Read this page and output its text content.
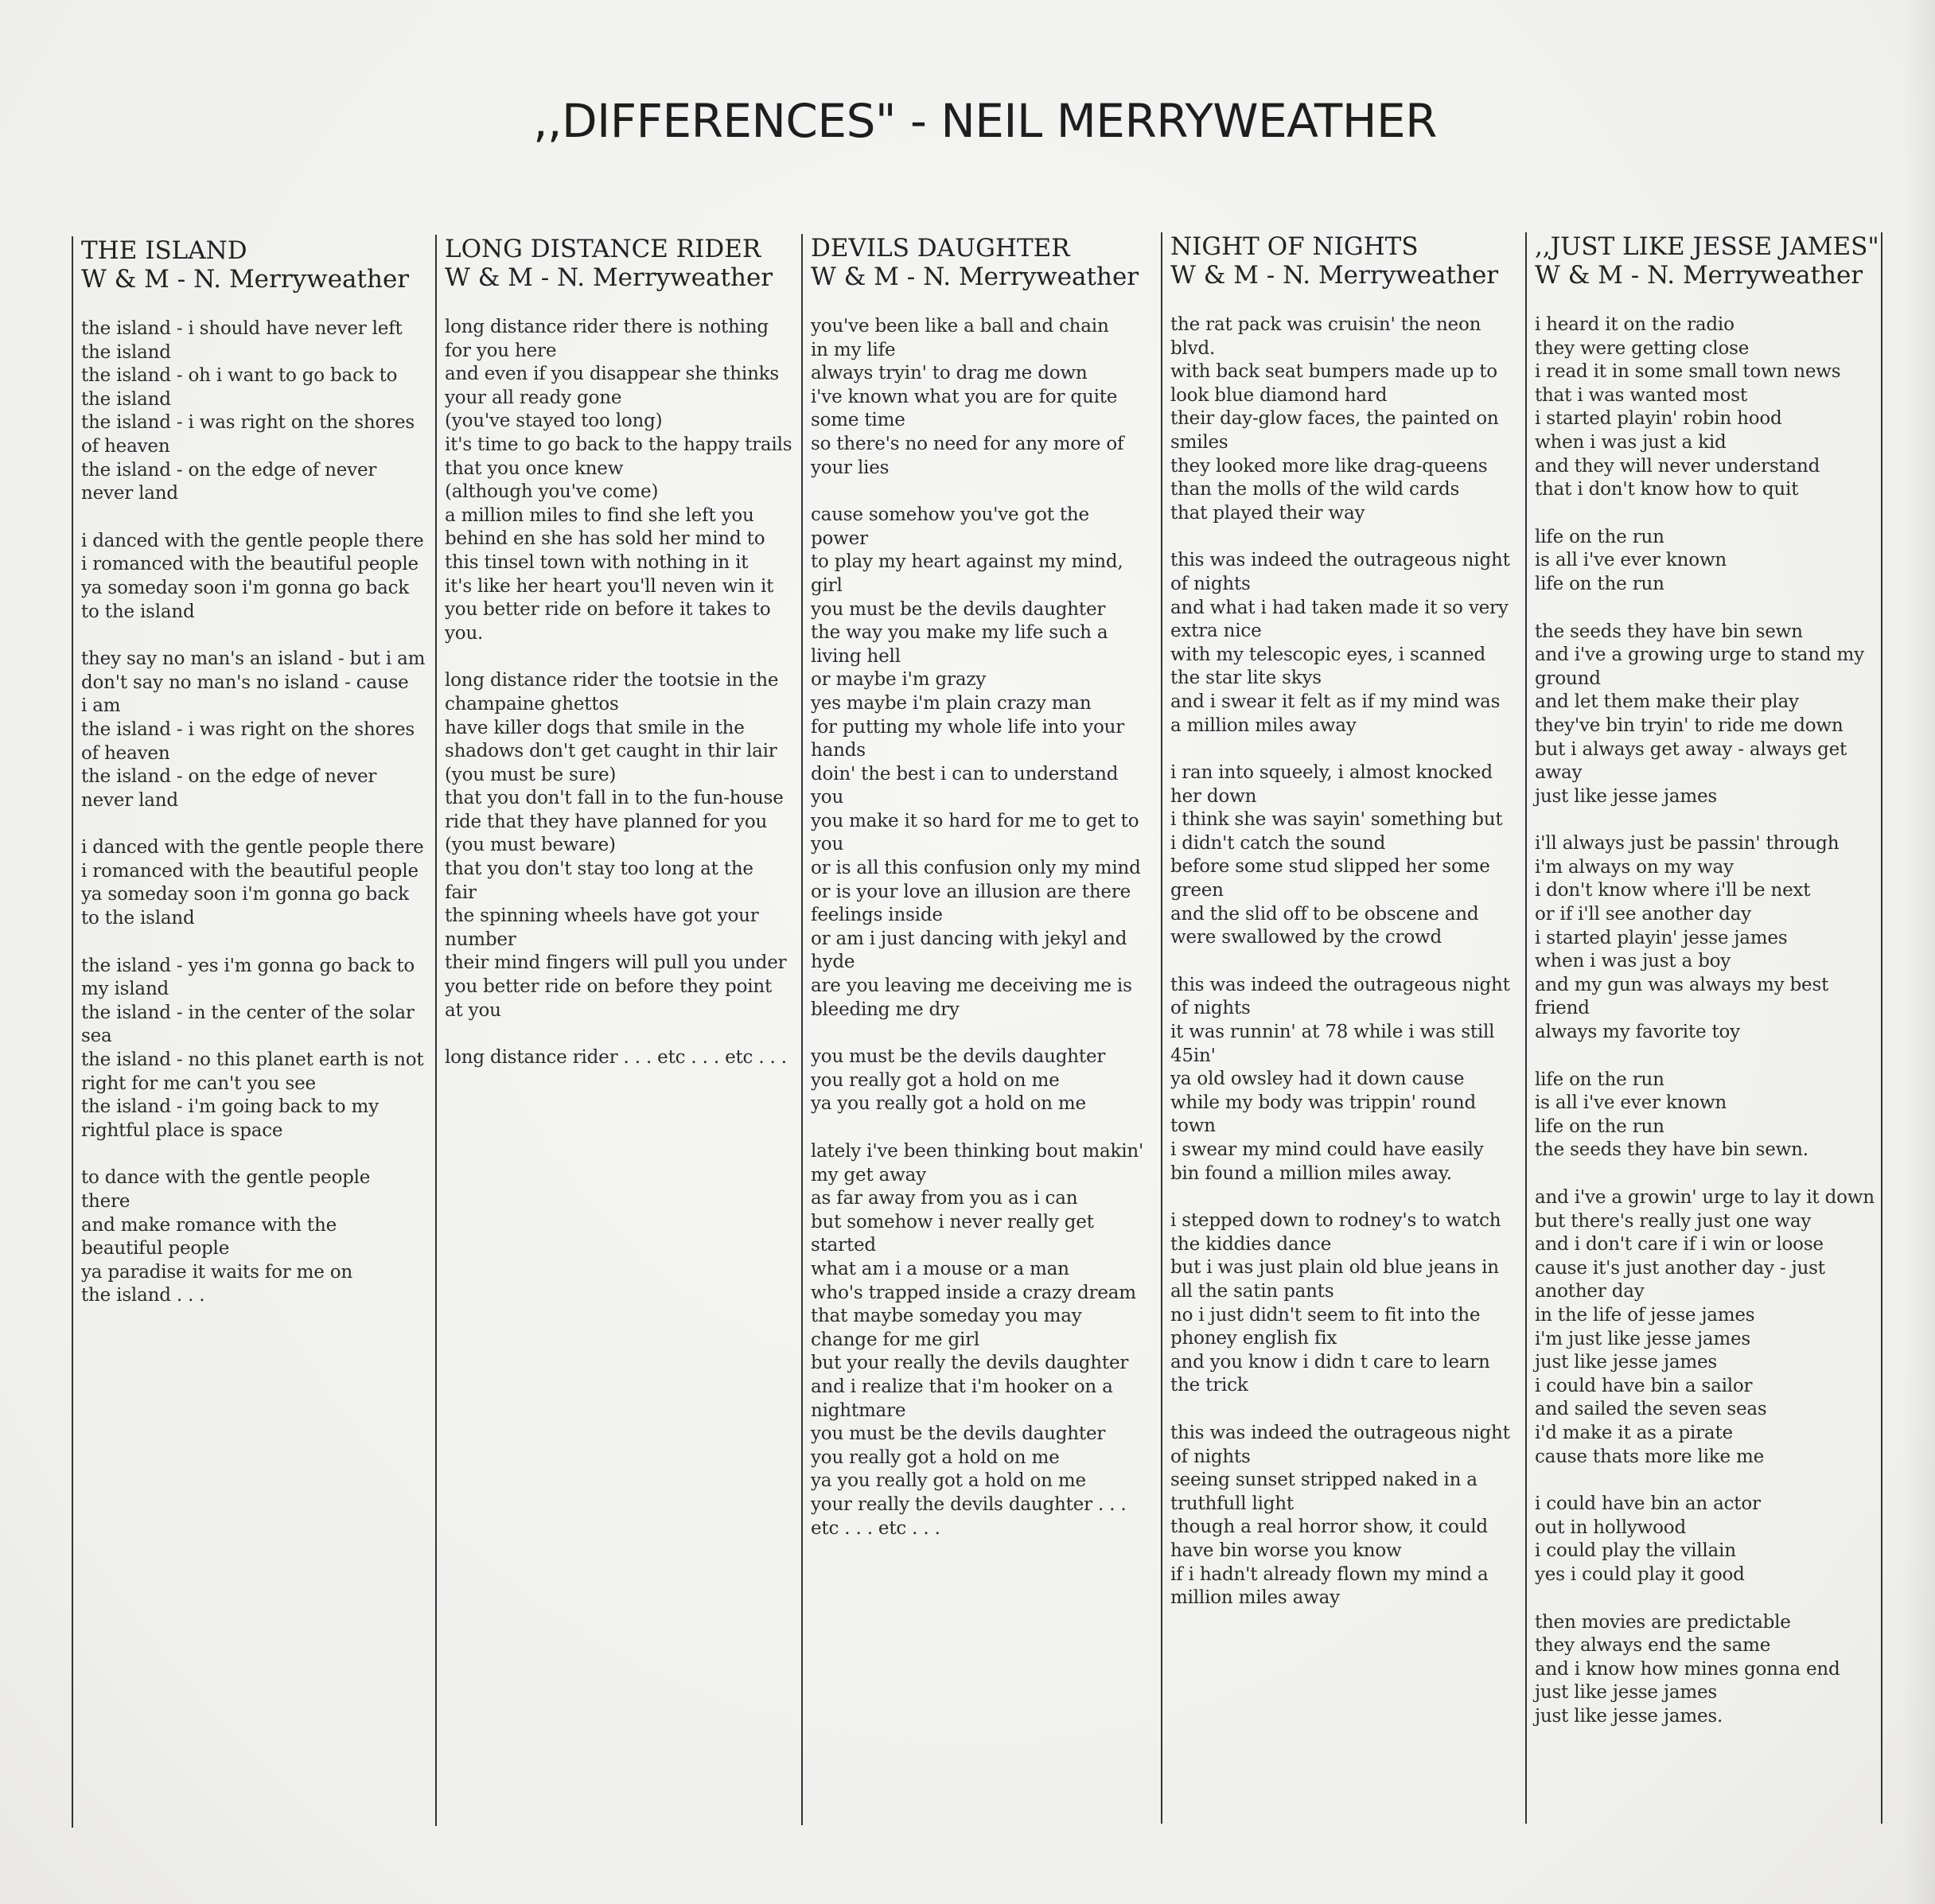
,,DIFFERENCES" - NEIL MERRYWEATHER
THE ISLAND
W & M - N. Merryweather
the island - i should have never left
the island
the island - oh i want to go back to
the island
the island - i was right on the shores
of heaven
the island - on the edge of never
never land
i danced with the gentle people there
i romanced with the beautiful people
ya someday soon i'm gonna go back
to the island
they say no man's an island - but i am
don't say no man's no island - cause
i am
the island - i was right on the shores
of heaven
the island - on the edge of never
never land
i danced with the gentle people there
i romanced with the beautiful people
ya someday soon i'm gonna go back
to the island
the island - yes i'm gonna go back to
my island
the island - in the center of the solar
sea
the island - no this planet earth is not
right for me can't you see
the island - i'm going back to my
rightful place is space
to dance with the gentle people
there
and make romance with the
beautiful people
ya paradise it waits for me on
the island . . .
LONG DISTANCE RIDER
W & M - N. Merryweather
long distance rider there is nothing
for you here
and even if you disappear she thinks
your all ready gone
(you've stayed too long)
it's time to go back to the happy trails
that you once knew
(although you've come)
a million miles to find she left you
behind en she has sold her mind to
this tinsel town with nothing in it
it's like her heart you'll neven win it
you better ride on before it takes to
you.
long distance rider the tootsie in the
champaine ghettos
have killer dogs that smile in the
shadows don't get caught in thir lair
(you must be sure)
that you don't fall in to the fun-house
ride that they have planned for you
(you must beware)
that you don't stay too long at the
fair
the spinning wheels have got your
number
their mind fingers will pull you under
you better ride on before they point
at you
long distance rider . . . etc . . . etc . . .
DEVILS DAUGHTER
W & M - N. Merryweather
you've been like a ball and chain
in my life
always tryin' to drag me down
i've known what you are for quite
some time
so there's no need for any more of
your lies
cause somehow you've got the
power
to play my heart against my mind,
girl
you must be the devils daughter
the way you make my life such a
living hell
or maybe i'm grazy
yes maybe i'm plain crazy man
for putting my whole life into your
hands
doin' the best i can to understand
you
you make it so hard for me to get to
you
or is all this confusion only my mind
or is your love an illusion are there
feelings inside
or am i just dancing with jekyl and
hyde
are you leaving me deceiving me is
bleeding me dry
you must be the devils daughter
you really got a hold on me
ya you really got a hold on me
lately i've been thinking bout makin'
my get away
as far away from you as i can
but somehow i never really get
started
what am i a mouse or a man
who's trapped inside a crazy dream
that maybe someday you may
change for me girl
but your really the devils daughter
and i realize that i'm hooker on a
nightmare
you must be the devils daughter
you really got a hold on me
ya you really got a hold on me
your really the devils daughter . . .
etc . . . etc . . .
NIGHT OF NIGHTS
W & M - N. Merryweather
the rat pack was cruisin' the neon
blvd.
with back seat bumpers made up to
look blue diamond hard
their day-glow faces, the painted on
smiles
they looked more like drag-queens
than the molls of the wild cards
that played their way
this was indeed the outrageous night
of nights
and what i had taken made it so very
extra nice
with my telescopic eyes, i scanned
the star lite skys
and i swear it felt as if my mind was
a million miles away
i ran into squeely, i almost knocked
her down
i think she was sayin' something but
i didn't catch the sound
before some stud slipped her some
green
and the slid off to be obscene and
were swallowed by the crowd
this was indeed the outrageous night
of nights
it was runnin' at 78 while i was still
45in'
ya old owsley had it down cause
while my body was trippin' round
town
i swear my mind could have easily
bin found a million miles away.
i stepped down to rodney's to watch
the kiddies dance
but i was just plain old blue jeans in
all the satin pants
no i just didn't seem to fit into the
phoney english fix
and you know i didn t care to learn
the trick
this was indeed the outrageous night
of nights
seeing sunset stripped naked in a
truthfull light
though a real horror show, it could
have bin worse you know
if i hadn't already flown my mind a
million miles away
,,JUST LIKE JESSE JAMES"
W & M - N. Merryweather
i heard it on the radio
they were getting close
i read it in some small town news
that i was wanted most
i started playin' robin hood
when i was just a kid
and they will never understand
that i don't know how to quit
life on the run
is all i've ever known
life on the run
the seeds they have bin sewn
and i've a growing urge to stand my
ground
and let them make their play
they've bin tryin' to ride me down
but i always get away - always get
away
just like jesse james
i'll always just be passin' through
i'm always on my way
i don't know where i'll be next
or if i'll see another day
i started playin' jesse james
when i was just a boy
and my gun was always my best
friend
always my favorite toy
life on the run
is all i've ever known
life on the run
the seeds they have bin sewn.
and i've a growin' urge to lay it down
but there's really just one way
and i don't care if i win or loose
cause it's just another day - just
another day
in the life of jesse james
i'm just like jesse james
just like jesse james
i could have bin a sailor
and sailed the seven seas
i'd make it as a pirate
cause thats more like me
i could have bin an actor
out in hollywood
i could play the villain
yes i could play it good
then movies are predictable
they always end the same
and i know how mines gonna end
just like jesse james
just like jesse james.
